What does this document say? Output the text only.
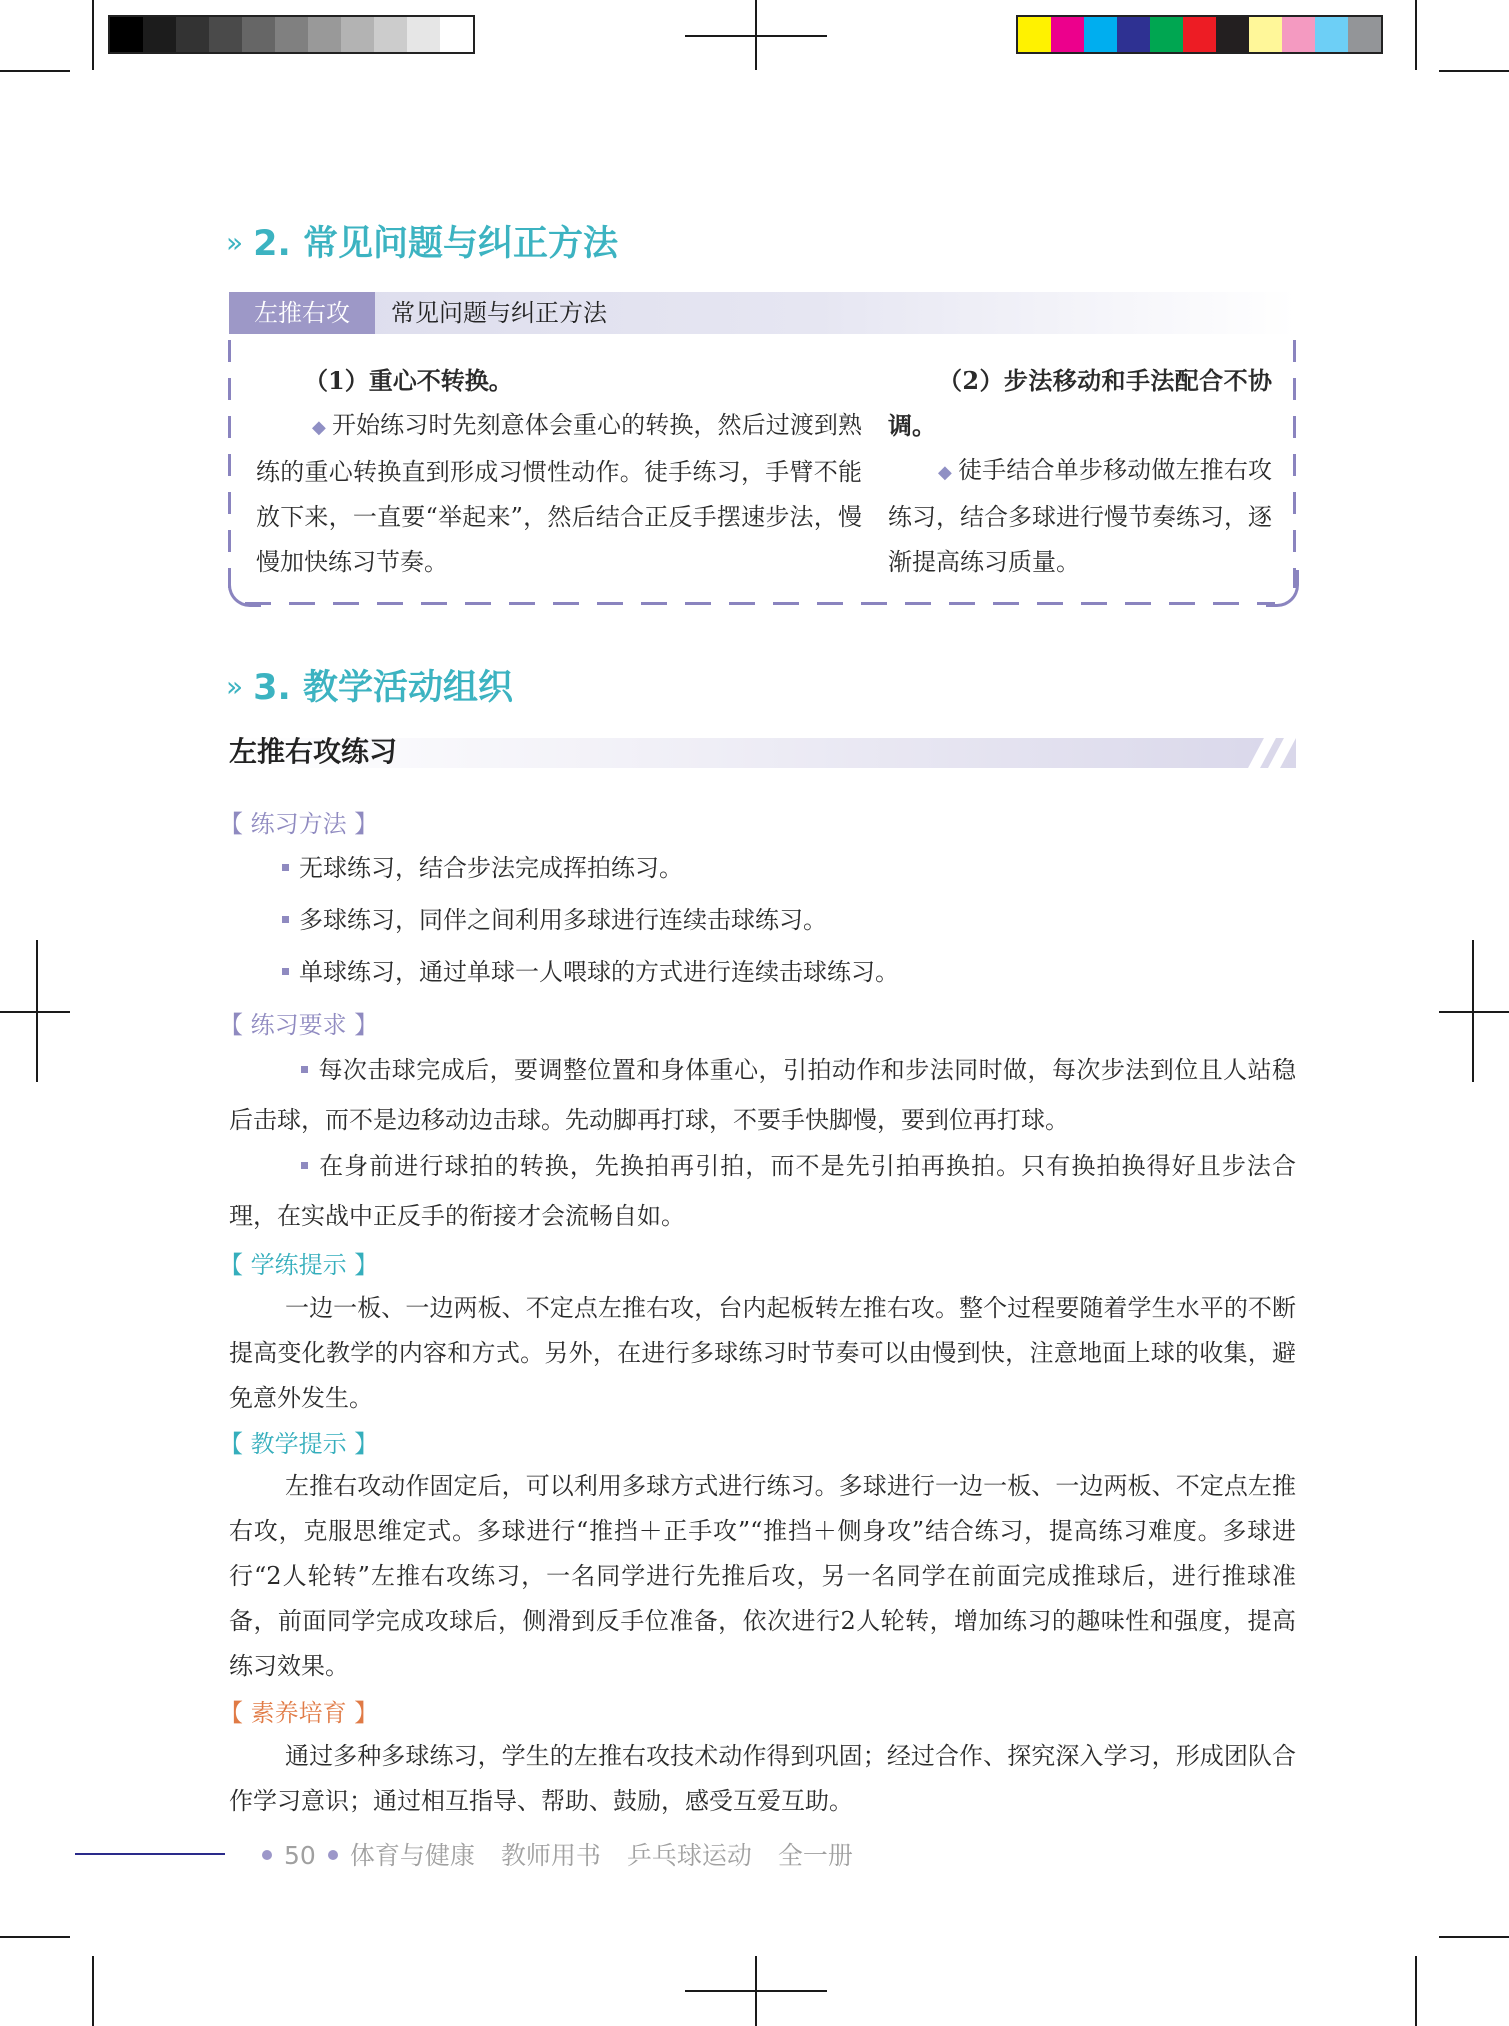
» 2. 常见问题与纠正方法
左推右攻	常见问题与纠正方法
（1）重心不转换。
◆ 开始练习时先刻意体会重心的转换，然后过渡到熟练的重心转换直到形成习惯性动作。徒手练习，手臂不能放下来，一直要“举起来”，然后结合正反手摆速步法，慢慢加快练习节奏。
（2）步法移动和手法配合不协调。
◆ 徒手结合单步移动做左推右攻练习，结合多球进行慢节奏练习，逐渐提高练习质量。
» 3. 教学活动组织
左推右攻练习
【 练习方法 】
无球练习，结合步法完成挥拍练习。
多球练习，同伴之间利用多球进行连续击球练习。
单球练习，通过单球一人喂球的方式进行连续击球练习。
【 练习要求 】
每次击球完成后，要调整位置和身体重心，引拍动作和步法同时做，每次步法到位且人站稳后击球，而不是边移动边击球。先动脚再打球，不要手快脚慢，要到位再打球。
在身前进行球拍的转换，先换拍再引拍，而不是先引拍再换拍。只有换拍换得好且步法合理，在实战中正反手的衔接才会流畅自如。
【 学练提示 】
一边一板、一边两板、不定点左推右攻，台内起板转左推右攻。整个过程要随着学生水平的不断提高变化教学的内容和方式。另外，在进行多球练习时节奏可以由慢到快，注意地面上球的收集，避免意外发生。
【 教学提示 】
左推右攻动作固定后，可以利用多球方式进行练习。多球进行一边一板、一边两板、不定点左推右攻，克服思维定式。多球进行“推挡＋正手攻”“推挡＋侧身攻”结合练习，提高练习难度。多球进行“2人轮转”左推右攻练习，一名同学进行先推后攻，另一名同学在前面完成推球后，进行推球准备，前面同学完成攻球后，侧滑到反手位准备，依次进行2人轮转，增加练习的趣味性和强度，提高练习效果。
【 素养培育 】
通过多种多球练习，学生的左推右攻技术动作得到巩固；经过合作、探究深入学习，形成团队合作学习意识；通过相互指导、帮助、鼓励，感受互爱互助。
50 体育与健康 教师用书 乒乓球运动 全一册
